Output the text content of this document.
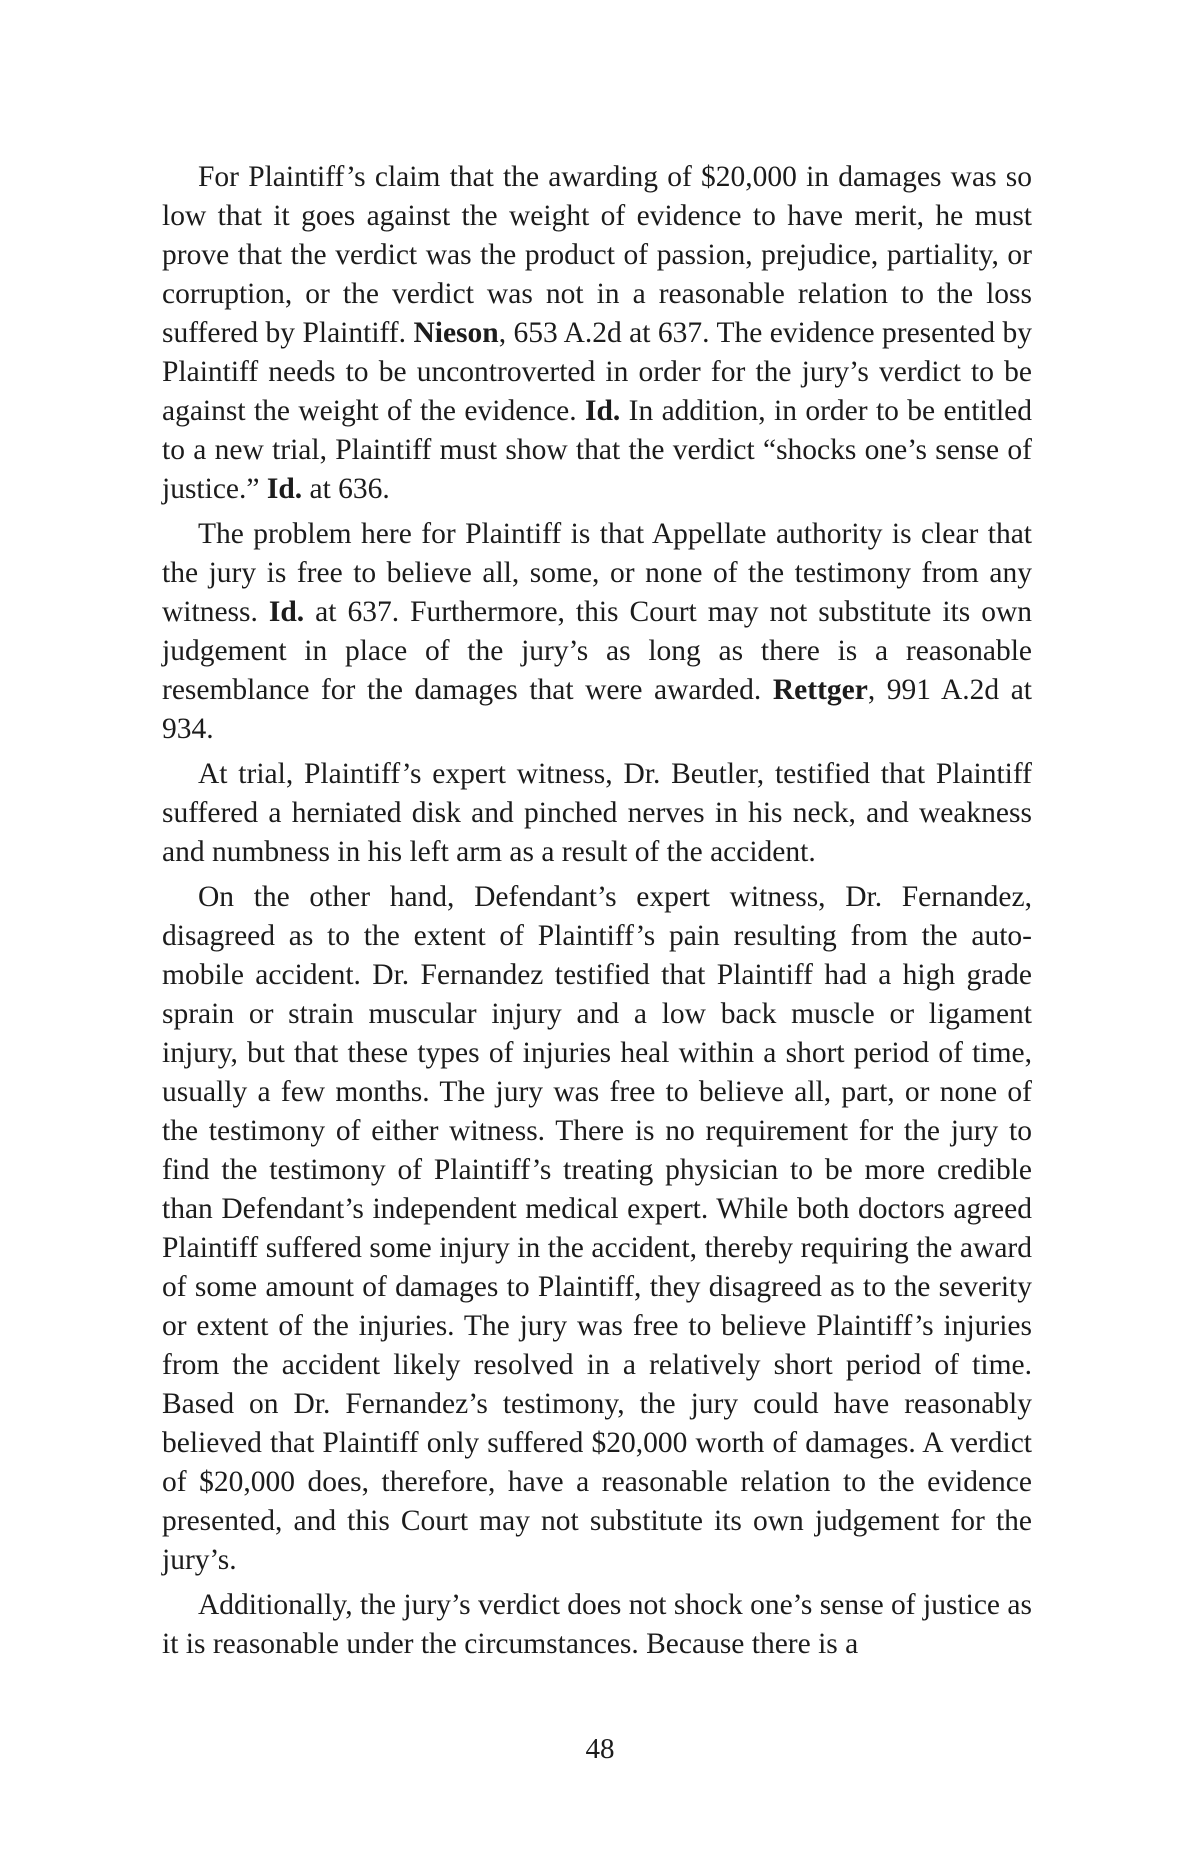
For Plaintiff’s claim that the awarding of $20,000 in damages was so low that it goes against the weight of evidence to have merit, he must prove that the verdict was the product of passion, prejudice, partiality, or corruption, or the verdict was not in a reasonable relation to the loss suffered by Plaintiff. Nieson, 653 A.2d at 637. The evidence presented by Plaintiff needs to be uncontroverted in order for the jury’s verdict to be against the weight of the evidence. Id. In addition, in order to be entitled to a new trial, Plaintiff must show that the verdict “shocks one’s sense of justice.” Id. at 636.

The problem here for Plaintiff is that Appellate authority is clear that the jury is free to believe all, some, or none of the testimony from any witness. Id. at 637. Furthermore, this Court may not substitute its own judgement in place of the jury’s as long as there is a reasonable resemblance for the damages that were awarded. Rettger, 991 A.2d at 934.

At trial, Plaintiff’s expert witness, Dr. Beutler, testified that Plaintiff suffered a herniated disk and pinched nerves in his neck, and weakness and numbness in his left arm as a result of the accident.

On the other hand, Defendant’s expert witness, Dr. Fernandez, disagreed as to the extent of Plaintiff’s pain resulting from the automobile accident. Dr. Fernandez testified that Plaintiff had a high grade sprain or strain muscular injury and a low back muscle or ligament injury, but that these types of injuries heal within a short period of time, usually a few months. The jury was free to believe all, part, or none of the testimony of either witness. There is no requirement for the jury to find the testimony of Plaintiff’s treating physician to be more credible than Defendant’s independent medical expert. While both doctors agreed Plaintiff suffered some injury in the accident, thereby requiring the award of some amount of damages to Plaintiff, they disagreed as to the severity or extent of the injuries. The jury was free to believe Plaintiff’s injuries from the accident likely resolved in a relatively short period of time. Based on Dr. Fernandez’s testimony, the jury could have reasonably believed that Plaintiff only suffered $20,000 worth of damages. A verdict of $20,000 does, therefore, have a reasonable relation to the evidence presented, and this Court may not substitute its own judgement for the jury’s.

Additionally, the jury’s verdict does not shock one’s sense of justice as it is reasonable under the circumstances. Because there is a

48
